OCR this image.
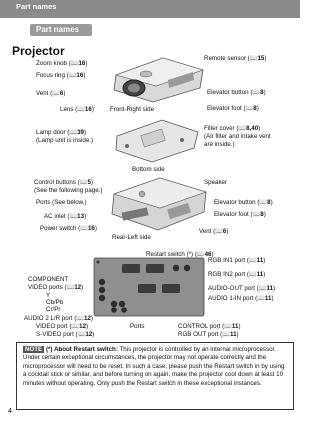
Part names
Part names
Projector
Zoom knob (📖16)
Focus ring (📖16)
Vent (📖6)
Lens (📖16)	Front-Right side
Remote sensor (📖15)
Elevator button (📖8)
Elevator foot (📖8)
Lamp door (📖39)
(Lamp unit is inside.)
Filter cover (📖8,40)
(Air filter and intake vent
are inside.)
Bottom side
Control buttons (📖5)
(See the following page.)
Speaker
Ports (See below.)	Elevator button (📖8)
Elevator foot (📖8)
AC inlet (📖13)
Power switch (📖16)	Vent (📖6)
Rear-Left side
Restart switch (*) (📖46)
RGB IN1 port (📖11)
RGB IN2 port (📖11)
AUDIO-OUT port (📖11)
AUDIO 1-IN port (📖11)
COMPONENT
VIDEO ports (📖12)
Y
Cb/Pb
Cr/Pr
AUDIO 2 L/R port (📖12)
VIDEO port (📖12)
S-VIDEO port (📖12)
Ports	CONTROL port (📖11)
RGB OUT port (📖11)

NOTE (*) About Restart switch: This projector is controlled by an internal microprocessor. Under certain exceptional circumstances, the projector may not operate correctly and the microprocessor will need to be reset. In such a case, please push the Restart switch in by using a cocktail stick or similar, and before turning on again, make the projector cool down at least 10 minutes without operating. Only push the Restart switch in these exceptional instances.

4
